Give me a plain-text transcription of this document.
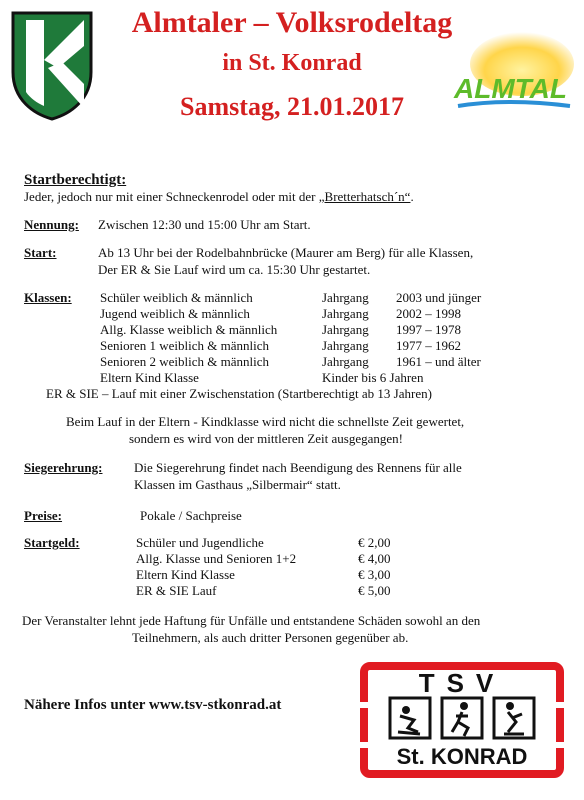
Almtaler – Volksrodeltag
in St. Konrad
Samstag, 21.01.2017
ALMTAL
Startberechtigt:
Jeder, jedoch nur mit einer Schneckenrodel oder mit der „Bretterhatsch´n“.
Nennung: Zwischen 12:30 und 15:00 Uhr am Start.
Start:	Ab 13 Uhr bei der Rodelbahnbrücke (Maurer am Berg) für alle Klassen,
Der ER & Sie Lauf wird um ca. 15:30 Uhr gestartet.
Klassen: Schüler weiblich & männlich	Jahrgang 2003 und jünger
Jugend weiblich & männlich	Jahrgang 2002 – 1998
Allg. Klasse weiblich & männlich	Jahrgang 1997 – 1978
Senioren 1 weiblich & männlich	Jahrgang 1977 – 1962
Senioren 2 weiblich & männlich	Jahrgang 1961 – und älter
Eltern Kind Klasse	Kinder bis 6 Jahren
ER & SIE – Lauf mit einer Zwischenstation (Startberechtigt ab 13 Jahren)
Beim Lauf in der Eltern - Kindklasse wird nicht die schnellste Zeit gewertet,
sondern es wird von der mittleren Zeit ausgegangen!
Siegerehrung: Die Siegerehrung findet nach Beendigung des Rennens für alle
Klassen im Gasthaus „Silbermair“ statt.
Preise:	Pokale / Sachpreise
Startgeld:	Schüler und Jugendliche	€ 2,00
Allg. Klasse und Senioren 1+2	€ 4,00
Eltern Kind Klasse	€ 3,00
ER & SIE Lauf	€ 5,00
Der Veranstalter lehnt jede Haftung für Unfälle und entstandene Schäden sowohl an den
Teilnehmern, als auch dritter Personen gegenüber ab.
Nähere Infos unter www.tsv-stkonrad.at
TSV
St. KONRAD
